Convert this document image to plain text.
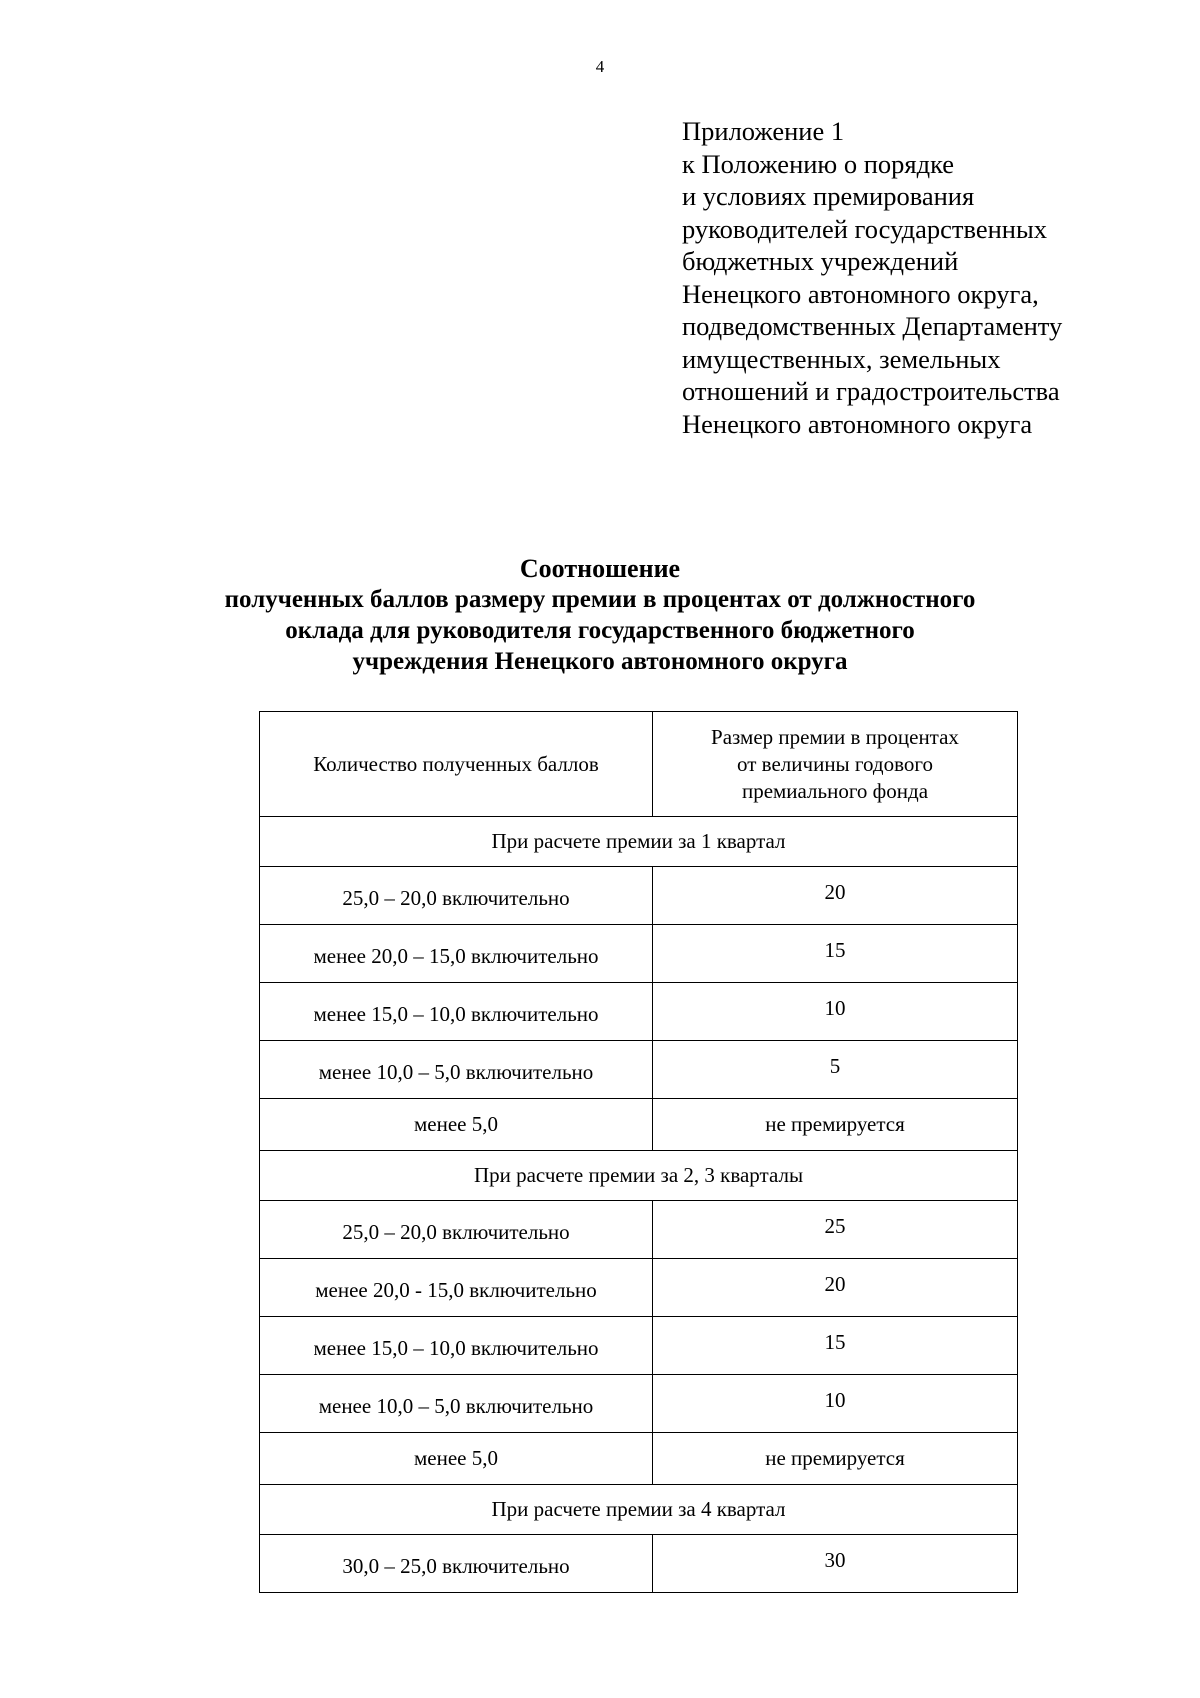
4
Приложение 1
к Положению о порядке
и условиях премирования
руководителей государственных
бюджетных учреждений
Ненецкого автономного округа,
подведомственных Департаменту
имущественных, земельных
отношений и градостроительства
Ненецкого автономного округа
Соотношение
полученных баллов размеру премии в процентах от должностного
оклада для руководителя государственного бюджетного
учреждения Ненецкого автономного округа
Количество полученных баллов	Размер премии в процентах
от величины годового
премиального фонда

При расчете премии за 1 квартал	
25,0 – 20,0 включительно	20
менее 20,0 – 15,0 включительно	15
менее 15,0 – 10,0 включительно	10
менее 10,0 – 5,0 включительно	5
менее 5,0	не премируется
При расчете премии за 2, 3 кварталы	
25,0 – 20,0 включительно	25
менее 20,0 - 15,0 включительно	20
менее 15,0 – 10,0 включительно	15
менее 10,0 – 5,0 включительно	10
менее 5,0	не премируется
При расчете премии за 4 квартал	
30,0 – 25,0 включительно	30
